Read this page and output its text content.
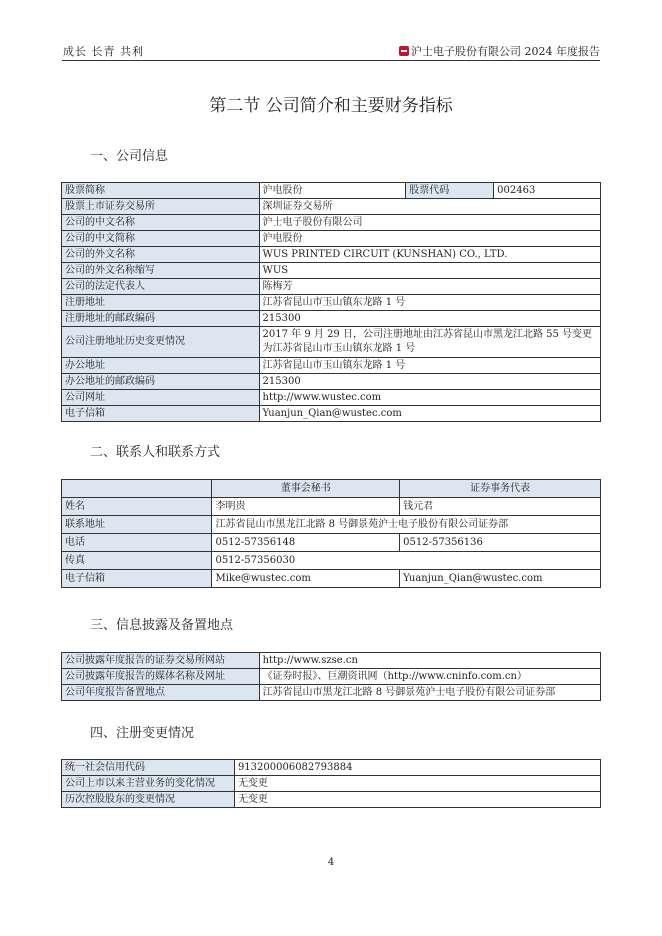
成长 长青 共利	沪士电子股份有限公司 2024 年度报告
第二节 公司简介和主要财务指标
一、公司信息
股票简称	沪电股份	股票代码	002463
股票上市证券交易所	深圳证券交易所		
公司的中文名称	沪士电子股份有限公司		
公司的中文简称	沪电股份		
公司的外文名称	WUS PRINTED CIRCUIT (KUNSHAN) CO., LTD.		
公司的外文名称缩写	WUS		
公司的法定代表人	陈梅芳		
注册地址	江苏省昆山市玉山镇东龙路 1 号		
注册地址的邮政编码	215300		
公司注册地址历史变更情况	2017 年 9 月 29 日，公司注册地址由江苏省昆山市黑龙江北路 55 号变更为江苏省昆山市玉山镇东龙路 1 号		
办公地址	江苏省昆山市玉山镇东龙路 1 号		
办公地址的邮政编码	215300		
公司网址	http://www.wustec.com		
电子信箱	Yuanjun_Qian@wustec.com		
二、联系人和联系方式
	董事会秘书	证券事务代表
姓名	李明贵	钱元君
联系地址	江苏省昆山市黑龙江北路 8 号御景苑沪士电子股份有限公司证券部	
电话	0512-57356148	0512-57356136
传真	0512-57356030	
电子信箱	Mike@wustec.com	Yuanjun_Qian@wustec.com
三、信息披露及备置地点
公司披露年度报告的证券交易所网站	http://www.szse.cn
公司披露年度报告的媒体名称及网址	《证券时报》、巨潮资讯网（http://www.cninfo.com.cn）
公司年度报告备置地点	江苏省昆山市黑龙江北路 8 号御景苑沪士电子股份有限公司证券部
四、注册变更情况
统一社会信用代码	913200006082793884
公司上市以来主营业务的变化情况	无变更
历次控股股东的变更情况	无变更
4
